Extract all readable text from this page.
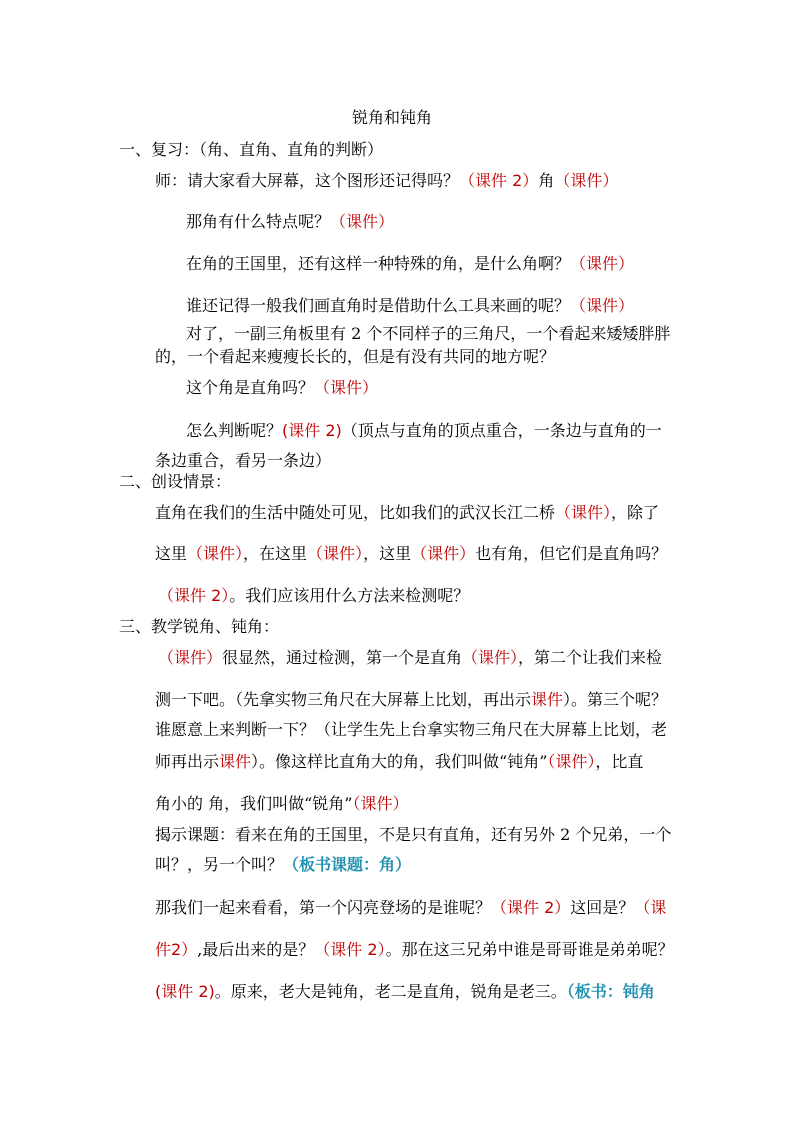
锐角和钝角
一、复习：（角、直角、直角的判断）
师：请大家看大屏幕，这个图形还记得吗？（课件 2）角（课件）
那角有什么特点呢？（课件）
在角的王国里，还有这样一种特殊的角，是什么角啊？（课件）
谁还记得一般我们画直角时是借助什么工具来画的呢？（课件）
对了，一副三角板里有 2 个不同样子的三角尺，一个看起来矮矮胖胖
的，一个看起来瘦瘦长长的，但是有没有共同的地方呢？
这个角是直角吗？（课件）
怎么判断呢？(课件 2)（顶点与直角的顶点重合，一条边与直角的一
条边重合，看另一条边）
二、创设情景：
直角在我们的生活中随处可见，比如我们的武汉长江二桥（课件），除了
这里（课件），在这里（课件），这里（课件）也有角，但它们是直角吗？
（课件 2）。我们应该用什么方法来检测呢？
三、教学锐角、钝角：
（课件）很显然，通过检测，第一个是直角（课件），第二个让我们来检
测一下吧。（先拿实物三角尺在大屏幕上比划，再出示课件）。第三个呢？
谁愿意上来判断一下？（让学生先上台拿实物三角尺在大屏幕上比划，老
师再出示课件）。像这样比直角大的角，我们叫做“钝角”（课件），比直
角小的 角，我们叫做“锐角”（课件）
揭示课题：看来在角的王国里，不是只有直角，还有另外 2 个兄弟，一个
叫？，另一个叫？（板书课题：角）
那我们一起来看看，第一个闪亮登场的是谁呢？（课件 2）这回是？（课
件2）,最后出来的是？（课件 2）。那在这三兄弟中谁是哥哥谁是弟弟呢？
(课件 2)。原来，老大是钝角，老二是直角，锐角是老三。（板书：钝角
